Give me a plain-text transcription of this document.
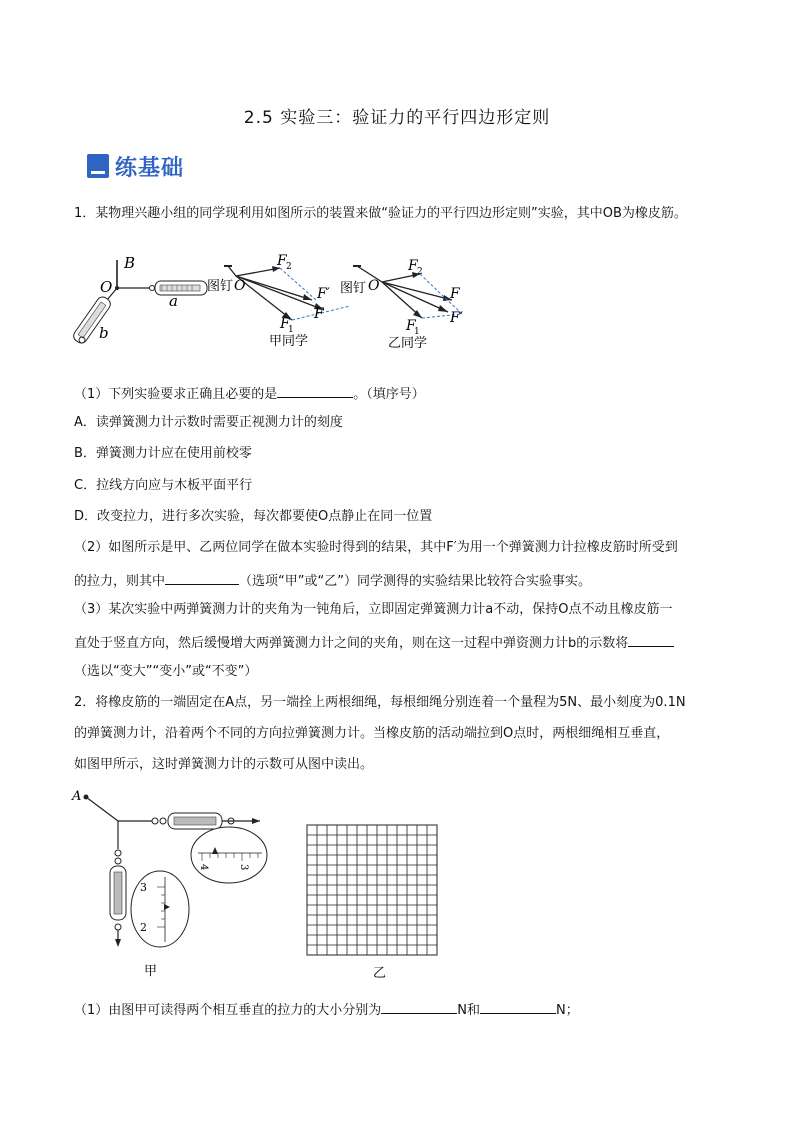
2.5 实验三：验证力的平行四边形定则
练基础
1．某物理兴趣小组的同学现利用如图所示的装置来做“验证力的平行四边形定则”实验，其中OB为橡皮筋。
B
O
a
b
图钉 O
F 2
F′
F
F
1
甲同学
图钉 O
F 2
F
F′
F
1
乙同学
（1）下列实验要求正确且必要的是	。（填序号）
A．读弹簧测力计示数时需要正视测力计的刻度
B．弹簧测力计应在使用前校零
C．拉线方向应与木板平面平行
D．改变拉力，进行多次实验，每次都要使O点静止在同一位置
（2）如图所示是甲、乙两位同学在做本实验时得到的结果，其中F′为用一个弹簧测力计拉橡皮筋时所受到
的拉力，则其中	（选项“甲”或“乙”）同学测得的实验结果比较符合实验事实。
（3）某次实验中两弹簧测力计的夹角为一钝角后，立即固定弹簧测力计a不动，保持O点不动且橡皮筋一
直处于竖直方向，然后缓慢增大两弹簧测力计之间的夹角，则在这一过程中弹资测力计b的示数将
（选以“变大”“变小”或“不变”）
2．将橡皮筋的一端固定在A点，另一端拴上两根细绳，每根细绳分别连着一个量程为5N、最小刻度为0.1N
的弹簧测力计，沿着两个不同的方向拉弹簧测力计。当橡皮筋的活动端拉到O点时，两根细绳相互垂直，
如图甲所示，这时弹簧测力计的示数可从图中读出。
A
3
2
4	3
甲	乙
（1）由图甲可读得两个相互垂直的拉力的大小分别为	N和	N；
